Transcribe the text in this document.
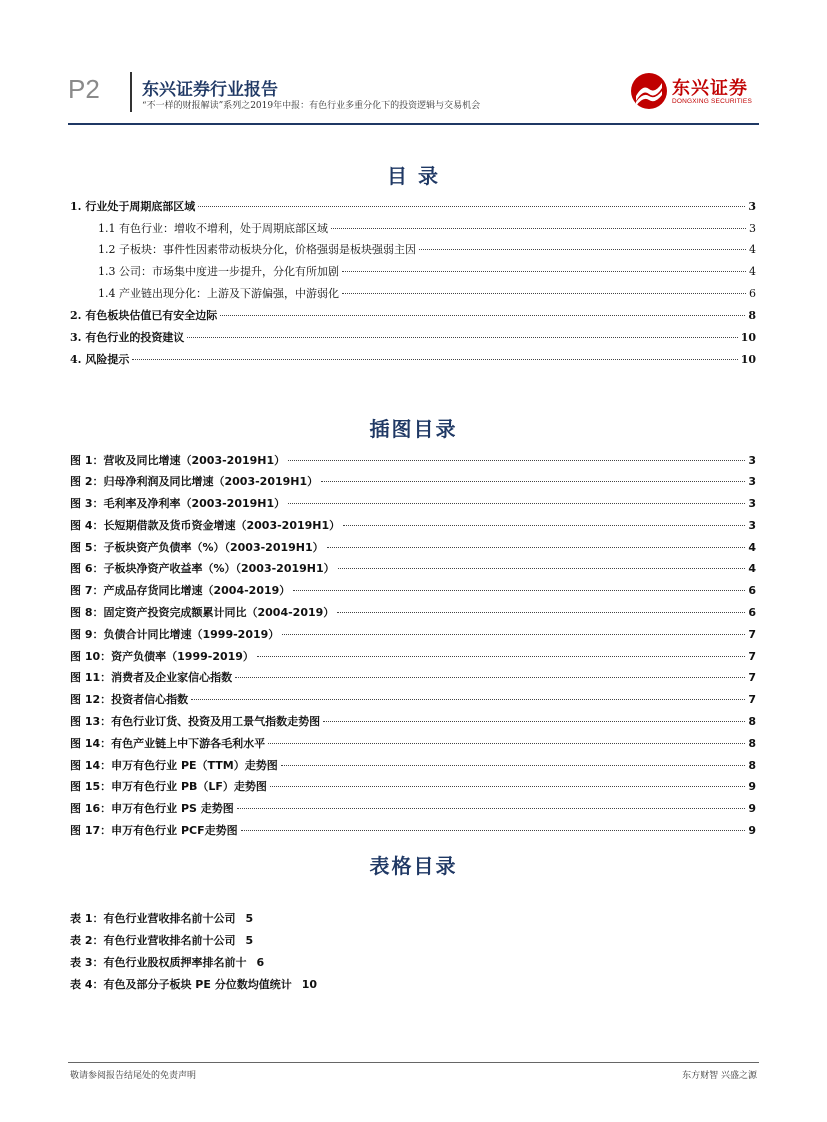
P2 东兴证券行业报告
“不一样的财报解读”系列之2019年中报：有色行业多重分化下的投资逻辑与交易机会
东兴证券
DONGXING SECURITIES
目 录
1. 行业处于周期底部区域	3
1.1 有色行业：增收不增利，处于周期底部区域	3
1.2 子板块：事件性因素带动板块分化，价格强弱是板块强弱主因	4
1.3 公司：市场集中度进一步提升，分化有所加剧	4
1.4 产业链出现分化：上游及下游偏强，中游弱化	6
2. 有色板块估值已有安全边际	8
3. 有色行业的投资建议	10
4. 风险提示	10
插图目录
图 1：营收及同比增速（2003-2019H1）	3
图 2：归母净利润及同比增速（2003-2019H1）	3
图 3：毛利率及净利率（2003-2019H1）	3
图 4：长短期借款及货币资金增速（2003-2019H1）	3
图 5：子板块资产负债率（%）（2003-2019H1）	4
图 6：子板块净资产收益率（%）（2003-2019H1）	4
图 7：产成品存货同比增速（2004-2019）	6
图 8：固定资产投资完成额累计同比（2004-2019）	6
图 9：负债合计同比增速（1999-2019）	7
图 10：资产负债率（1999-2019）	7
图 11：消费者及企业家信心指数	7
图 12：投资者信心指数	7
图 13：有色行业订货、投资及用工景气指数走势图	8
图 14：有色产业链上中下游各毛利水平	8
图 14：申万有色行业 PE（TTM）走势图	8
图 15：申万有色行业 PB（LF）走势图	9
图 16：申万有色行业 PS 走势图	9
图 17：申万有色行业 PCF走势图	9
表格目录
表 1：有色行业营收排名前十公司 5
表 2：有色行业营收排名前十公司 5
表 3：有色行业股权质押率排名前十 6
表 4：有色及部分子板块 PE 分位数均值统计 10
敬请参阅报告结尾处的免责声明	东方财智 兴盛之源
